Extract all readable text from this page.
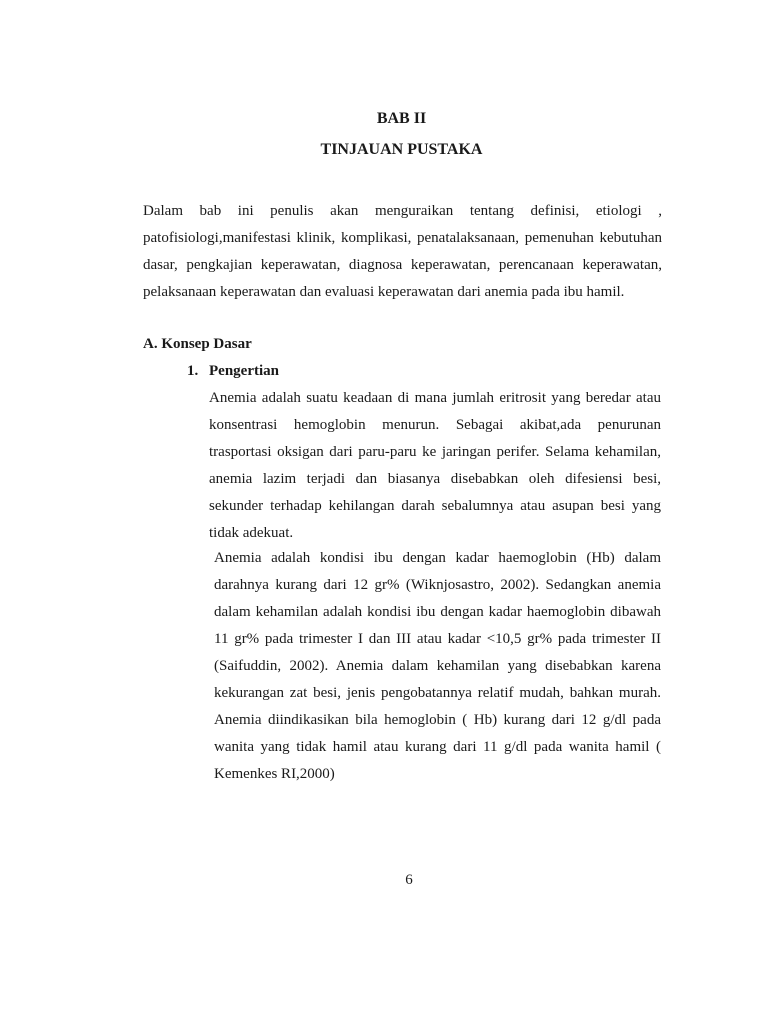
BAB II
TINJAUAN PUSTAKA

Dalam bab ini penulis akan menguraikan tentang definisi, etiologi ,
patofisiologi,manifestasi klinik, komplikasi, penatalaksanaan, pemenuhan kebutuhan
dasar, pengkajian keperawatan, diagnosa keperawatan, perencanaan keperawatan,
pelaksanaan keperawatan dan evaluasi keperawatan dari anemia pada ibu hamil.

A. Konsep Dasar
1. Pengertian

Anemia adalah suatu keadaan di mana jumlah eritrosit yang beredar atau
konsentrasi hemoglobin menurun. Sebagai akibat,ada penurunan
trasportasi oksigan dari paru-paru ke jaringan perifer. Selama kehamilan,
anemia lazim terjadi dan biasanya disebabkan oleh difesiensi besi,
sekunder terhadap kehilangan darah sebalumnya atau asupan besi yang
tidak adekuat.

Anemia adalah kondisi ibu dengan kadar haemoglobin (Hb) dalam
darahnya kurang dari 12 gr% (Wiknjosastro, 2002). Sedangkan anemia
dalam kehamilan adalah kondisi ibu dengan kadar haemoglobin dibawah
11 gr% pada trimester I dan III atau kadar <10,5 gr% pada trimester II
(Saifuddin, 2002). Anemia dalam kehamilan yang disebabkan karena
kekurangan zat besi, jenis pengobatannya relatif mudah, bahkan murah.
Anemia diindikasikan bila hemoglobin ( Hb) kurang dari 12 g/dl pada
wanita yang tidak hamil atau kurang dari 11 g/dl pada wanita hamil (
Kemenkes RI,2000)

6
